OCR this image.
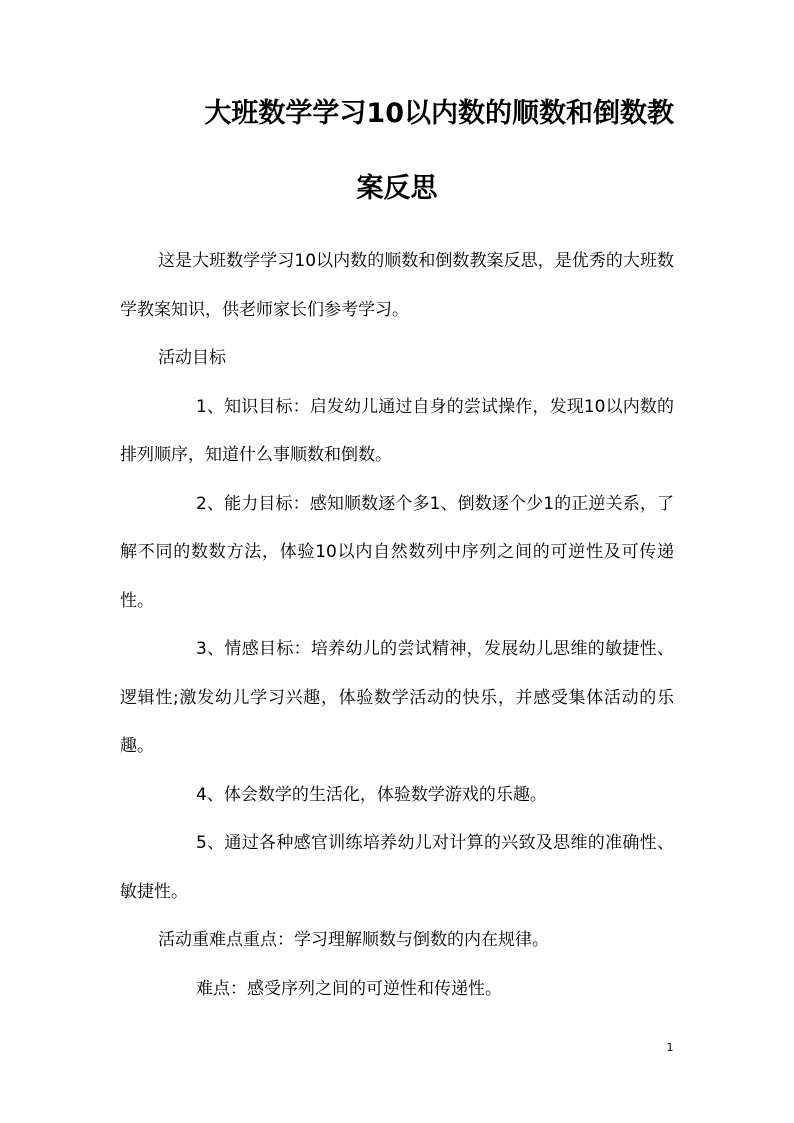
大班数学学习10以内数的顺数和倒数教
案反思

这是大班数学学习10以内数的顺数和倒数教案反思，是优秀的大班数学教案知识，供老师家长们参考学习。

活动目标

1、知识目标：启发幼儿通过自身的尝试操作，发现10以内数的排列顺序，知道什么事顺数和倒数。

2、能力目标：感知顺数逐个多1、倒数逐个少1的正逆关系，了解不同的数数方法，体验10以内自然数列中序列之间的可逆性及可传递性。

3、情感目标：培养幼儿的尝试精神，发展幼儿思维的敏捷性、逻辑性;激发幼儿学习兴趣，体验数学活动的快乐，并感受集体活动的乐趣。

4、体会数学的生活化，体验数学游戏的乐趣。

5、通过各种感官训练培养幼儿对计算的兴致及思维的准确性、敏捷性。

活动重难点重点：学习理解顺数与倒数的内在规律。

难点：感受序列之间的可逆性和传递性。

1
